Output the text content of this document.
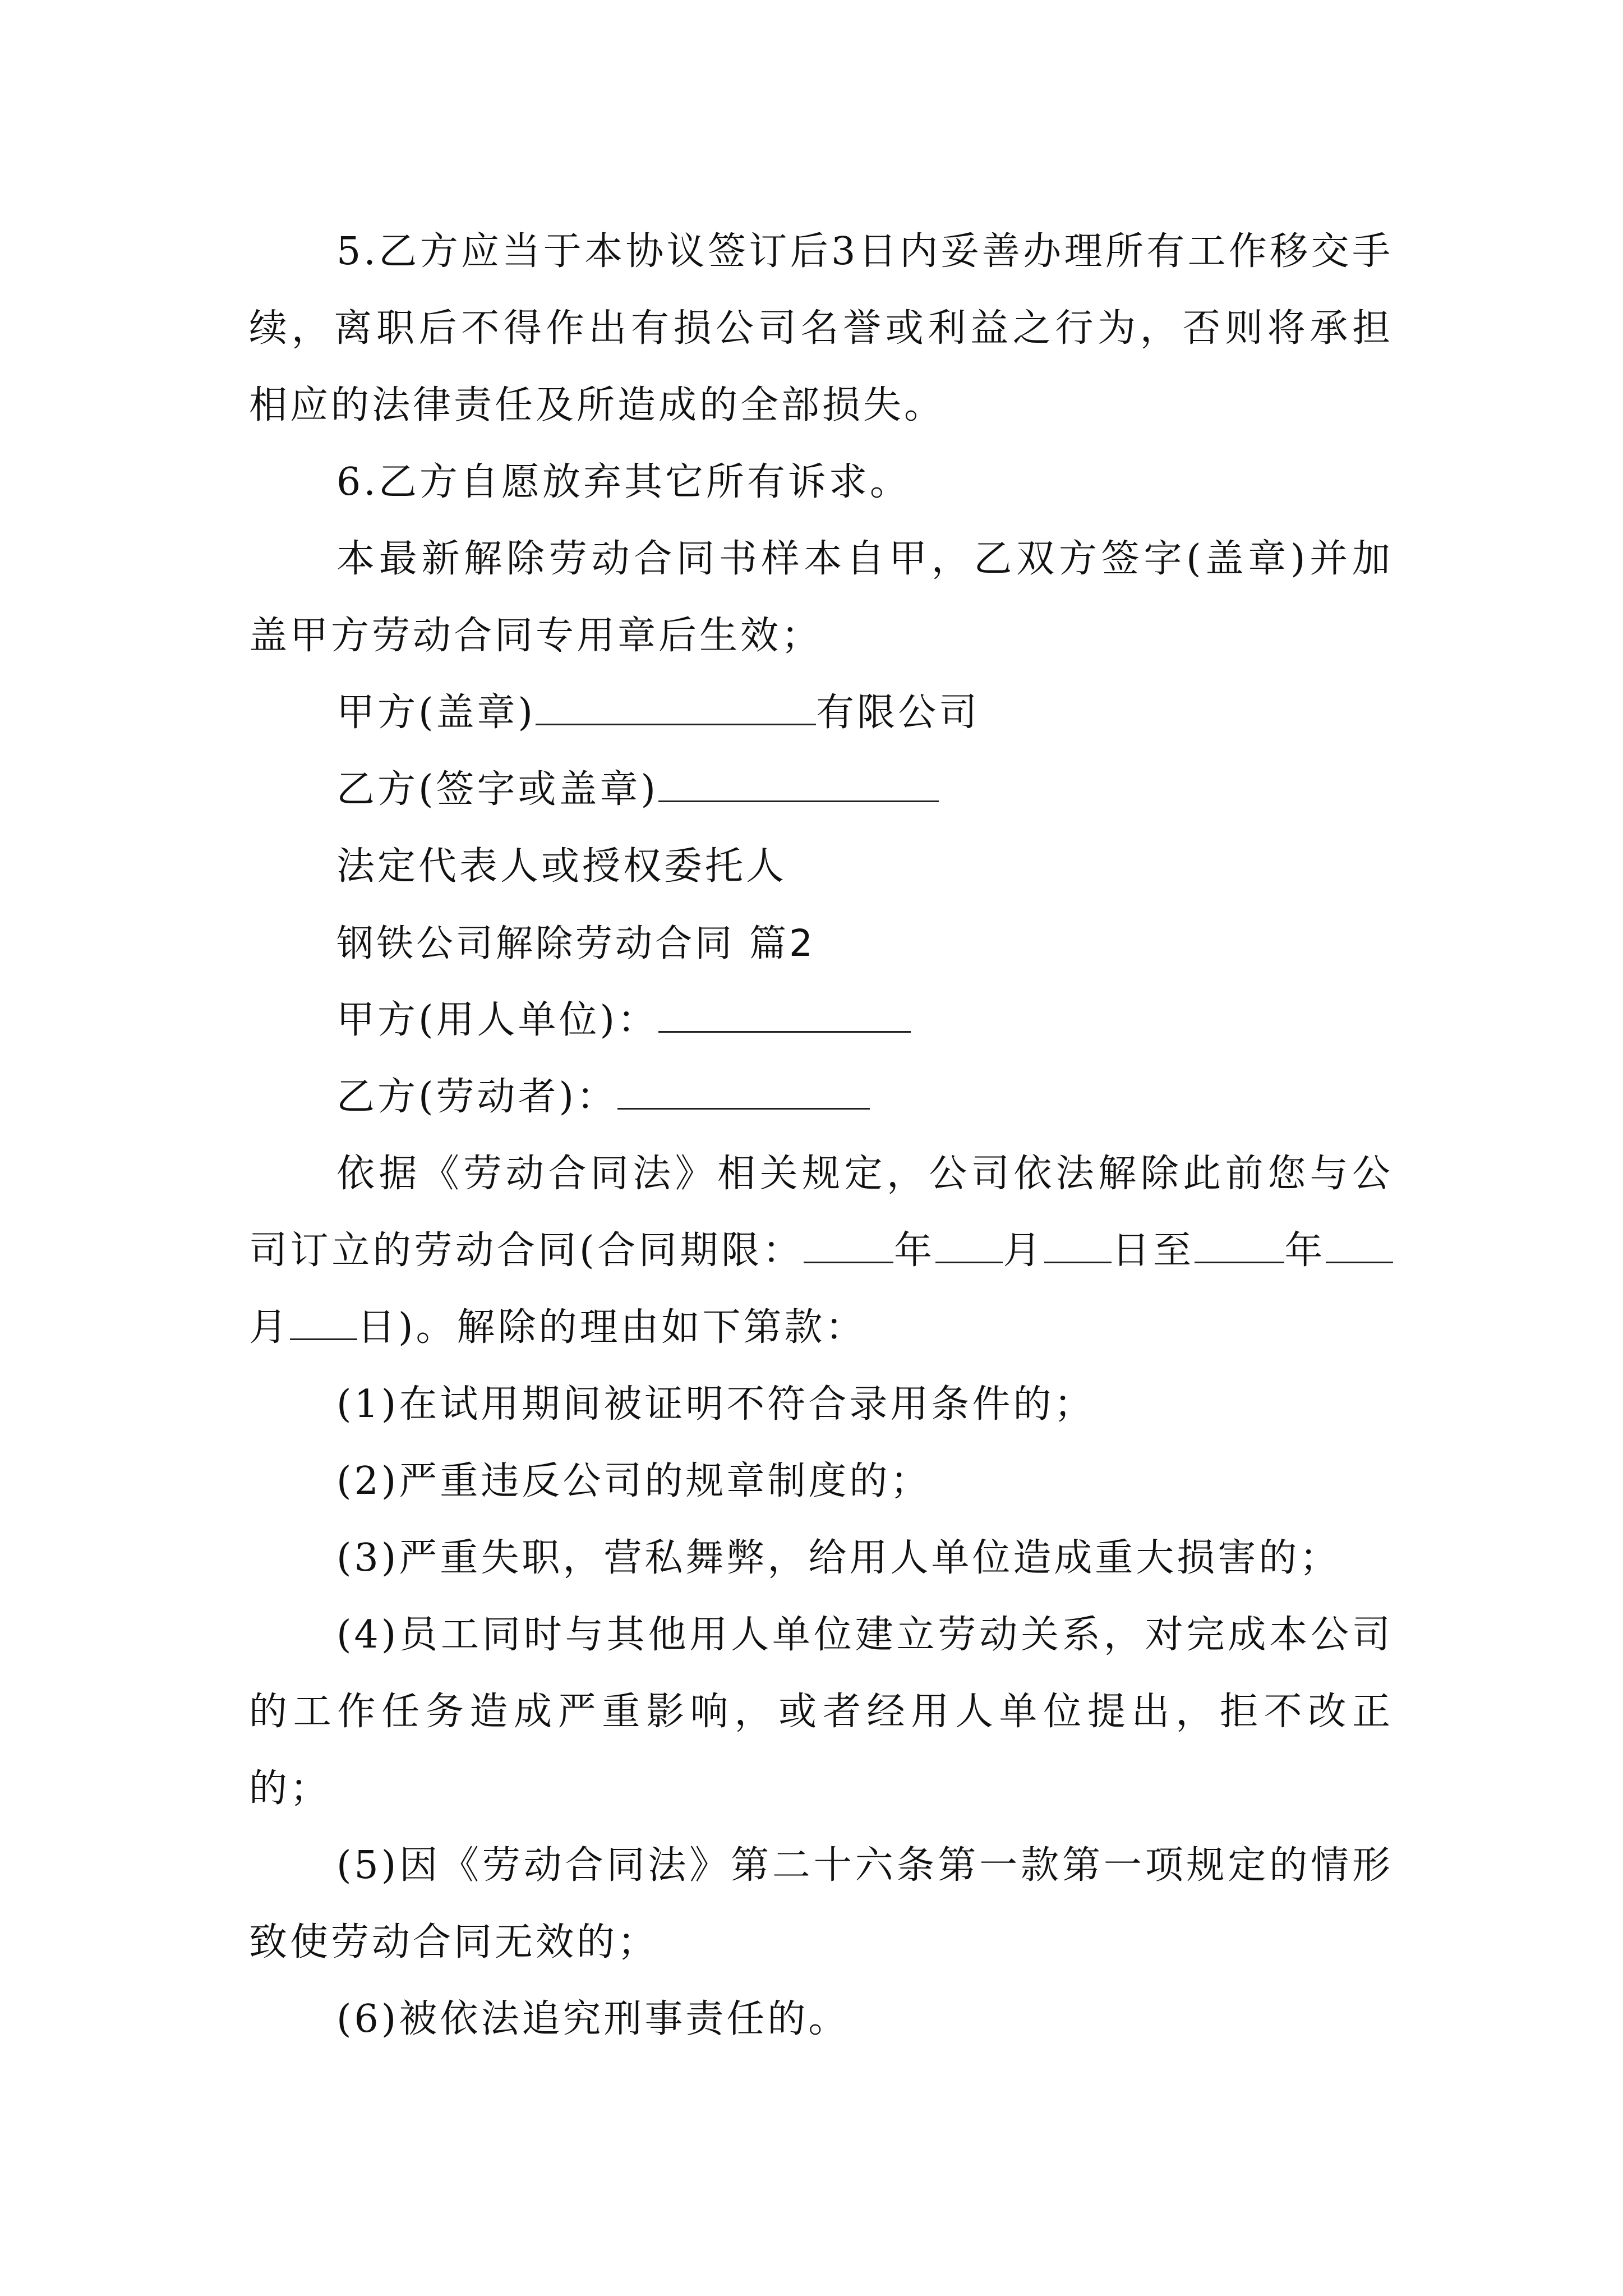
5.乙方应当于本协议签订后3日内妥善办理所有工作移交手续，离职后不得作出有损公司名誉或利益之行为，否则将承担相应的法律责任及所造成的全部损失。

6.乙方自愿放弃其它所有诉求。

本最新解除劳动合同书样本自甲，乙双方签字(盖章)并加盖甲方劳动合同专用章后生效；

甲方(盖章)	有限公司

乙方(签字或盖章)

法定代表人或授权委托人

钢铁公司解除劳动合同 篇2

甲方(用人单位)：

乙方(劳动者)：

依据《劳动合同法》相关规定，公司依法解除此前您与公司订立的劳动合同(合同期限： 年 月 日至 年月 日)。解除的理由如下第款：

(1)在试用期间被证明不符合录用条件的；

(2)严重违反公司的规章制度的；

(3)严重失职，营私舞弊，给用人单位造成重大损害的；

(4)员工同时与其他用人单位建立劳动关系，对完成本公司的工作任务造成严重影响，或者经用人单位提出，拒不改正的；

(5)因《劳动合同法》第二十六条第一款第一项规定的情形致使劳动合同无效的；

(6)被依法追究刑事责任的。
